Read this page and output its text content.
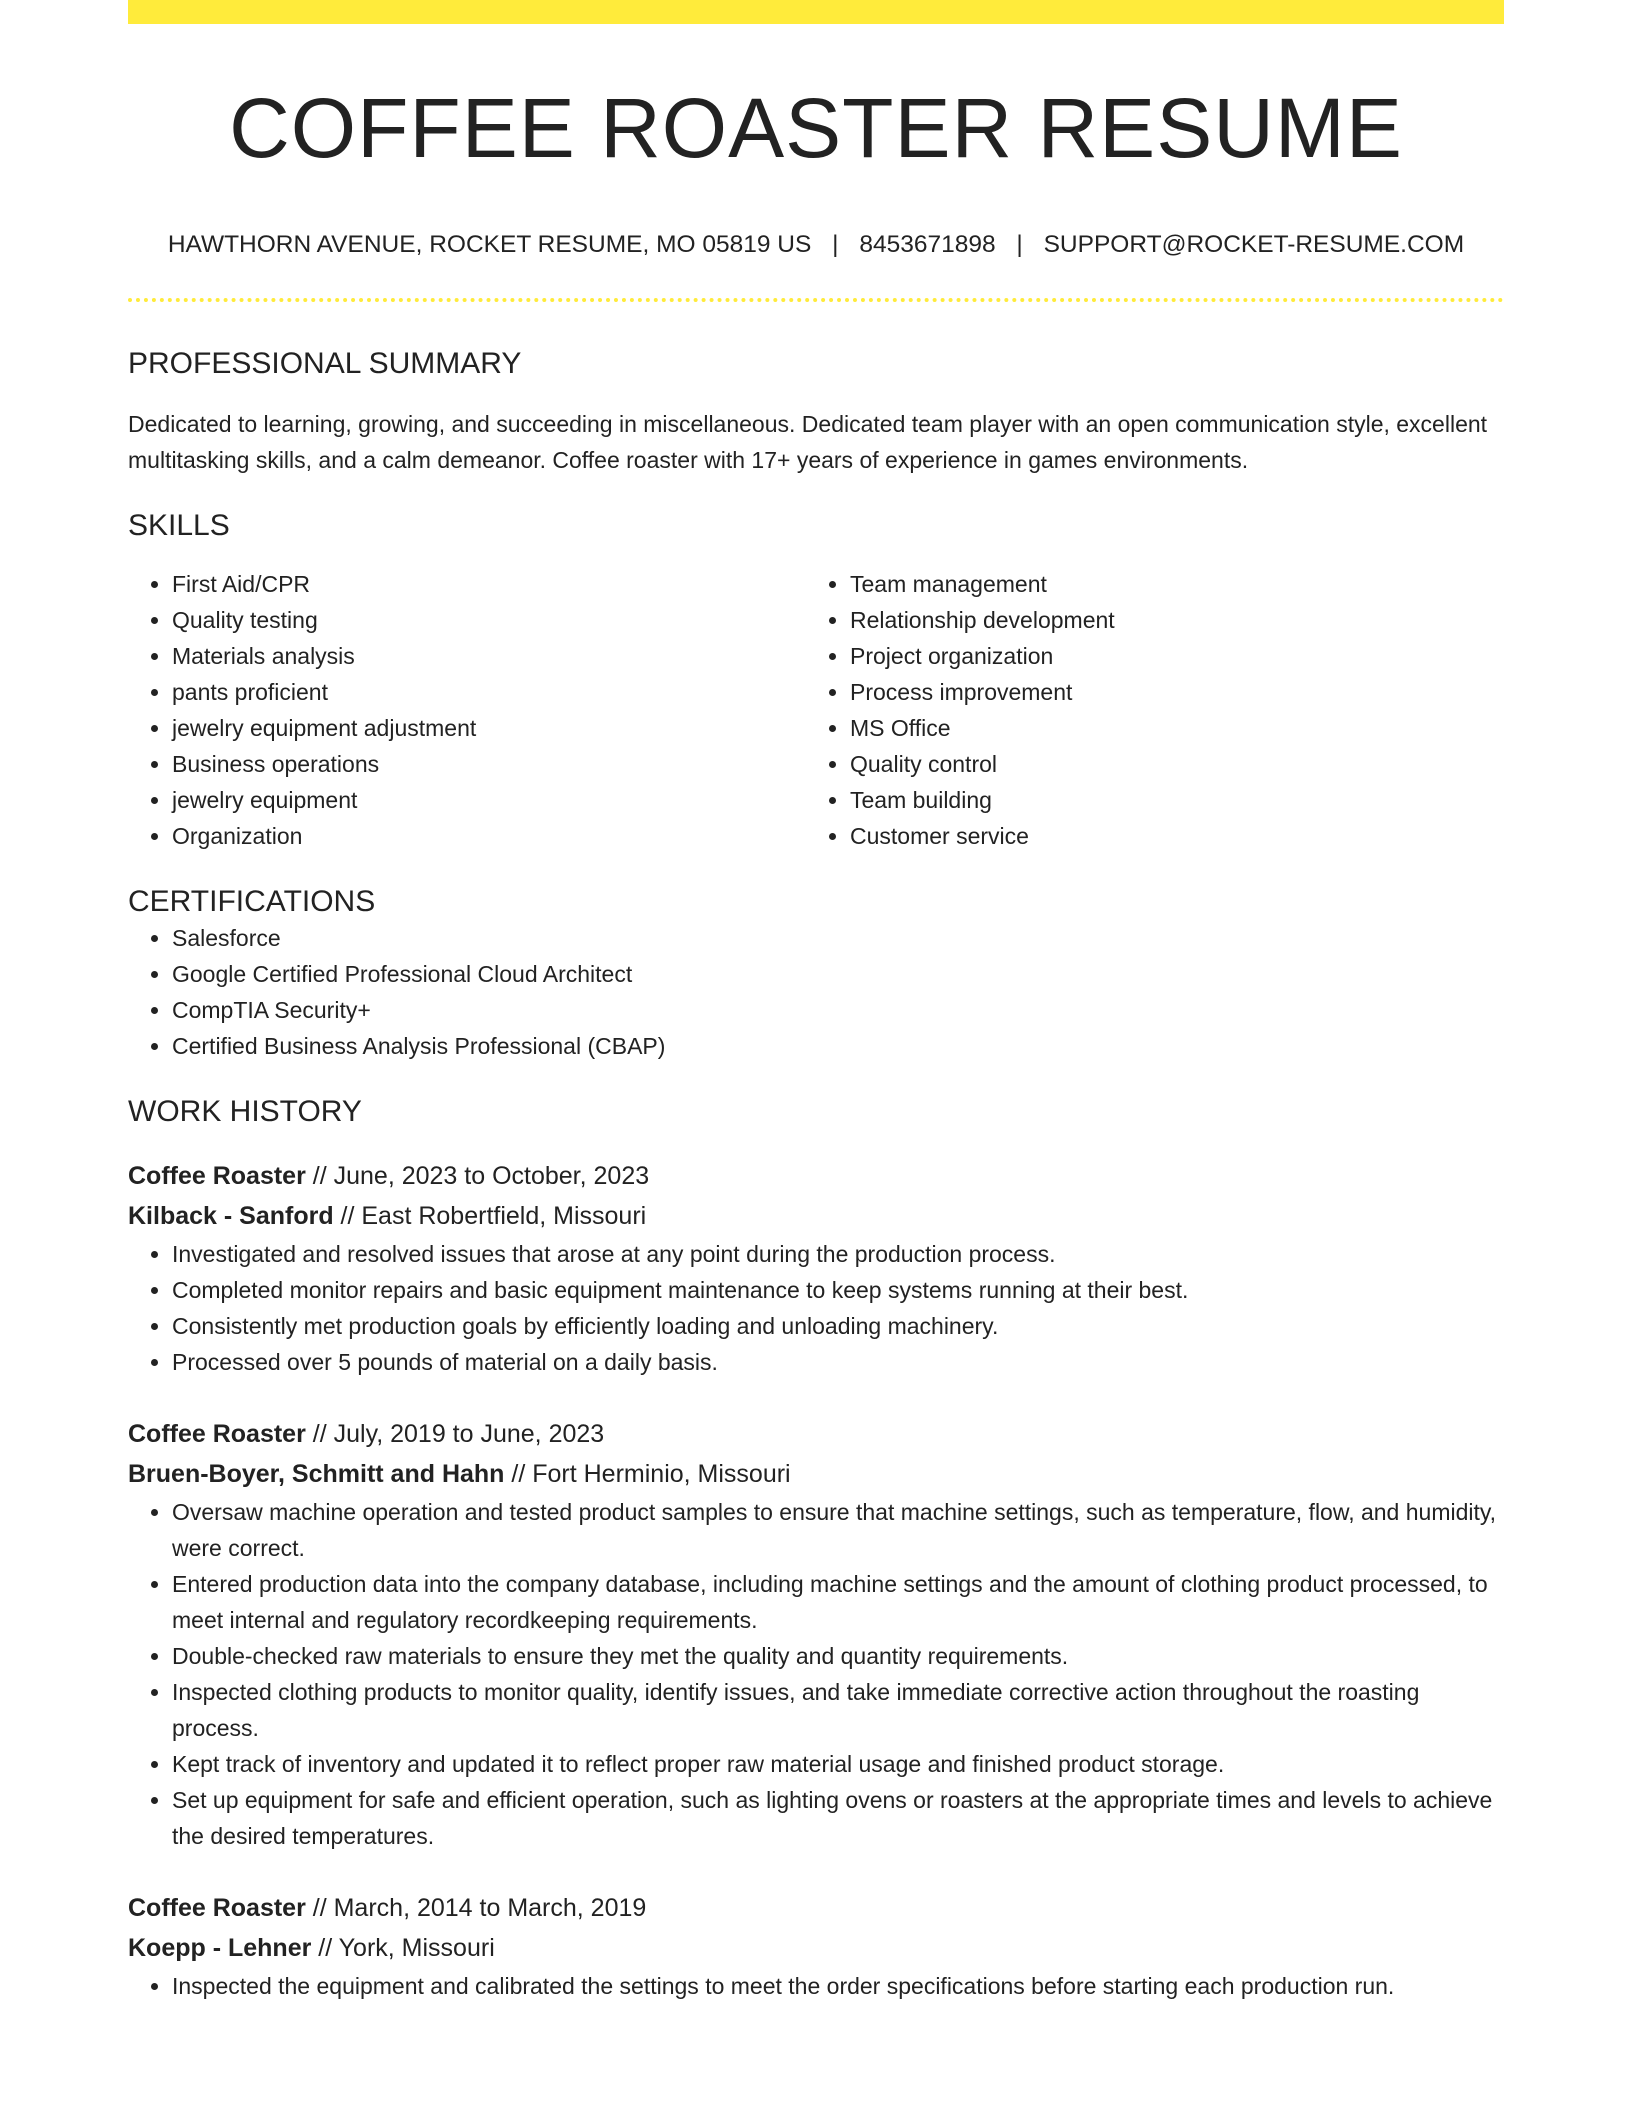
COFFEE ROASTER RESUME
HAWTHORN AVENUE, ROCKET RESUME, MO 05819 US | 8453671898 | SUPPORT@ROCKET-RESUME.COM
PROFESSIONAL SUMMARY

Dedicated to learning, growing, and succeeding in miscellaneous. Dedicated team player with an open communication style, excellent multitasking skills, and a calm demeanor. Coffee roaster with 17+ years of experience in games environments.

SKILLS
• First Aid/CPR
• Quality testing
• Materials analysis
• pants proficient
• jewelry equipment adjustment
• Business operations
• jewelry equipment
• Organization
• Team management
• Relationship development
• Project organization
• Process improvement
• MS Office
• Quality control
• Team building
• Customer service
CERTIFICATIONS
• Salesforce
• Google Certified Professional Cloud Architect
• CompTIA Security+
• Certified Business Analysis Professional (CBAP)
WORK HISTORY
Coffee Roaster // June, 2023 to October, 2023
Kilback - Sanford // East Robertfield, Missouri
• Investigated and resolved issues that arose at any point during the production process.
• Completed monitor repairs and basic equipment maintenance to keep systems running at their best.
• Consistently met production goals by efficiently loading and unloading machinery.
• Processed over 5 pounds of material on a daily basis.
Coffee Roaster // July, 2019 to June, 2023
Bruen-Boyer, Schmitt and Hahn // Fort Herminio, Missouri
• Oversaw machine operation and tested product samples to ensure that machine settings, such as temperature, flow, and humidity, were correct.
• Entered production data into the company database, including machine settings and the amount of clothing product processed, to meet internal and regulatory recordkeeping requirements.
• Double-checked raw materials to ensure they met the quality and quantity requirements.
• Inspected clothing products to monitor quality, identify issues, and take immediate corrective action throughout the roasting process.
• Kept track of inventory and updated it to reflect proper raw material usage and finished product storage.
• Set up equipment for safe and efficient operation, such as lighting ovens or roasters at the appropriate times and levels to achieve the desired temperatures.
Coffee Roaster // March, 2014 to March, 2019
Koepp - Lehner // York, Missouri
• Inspected the equipment and calibrated the settings to meet the order specifications before starting each production run.
